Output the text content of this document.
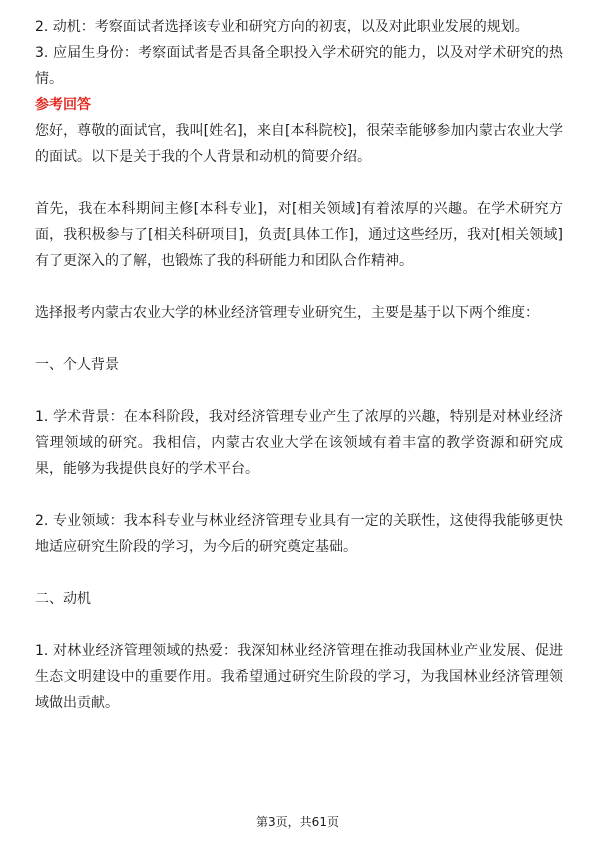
2. 动机：考察面试者选择该专业和研究方向的初衷，以及对此职业发展的规划。

3. 应届生身份：考察面试者是否具备全职投入学术研究的能力，以及对学术研究的热情。

参考回答

您好，尊敬的面试官，我叫[姓名]，来自[本科院校]，很荣幸能够参加内蒙古农业大学的面试。以下是关于我的个人背景和动机的简要介绍。

首先，我在本科期间主修[本科专业]，对[相关领域]有着浓厚的兴趣。在学术研究方面，我积极参与了[相关科研项目]，负责[具体工作]，通过这些经历，我对[相关领域]有了更深入的了解，也锻炼了我的科研能力和团队合作精神。

选择报考内蒙古农业大学的林业经济管理专业研究生，主要是基于以下两个维度：

一、个人背景

1. 学术背景：在本科阶段，我对经济管理专业产生了浓厚的兴趣，特别是对林业经济管理领域的研究。我相信，内蒙古农业大学在该领域有着丰富的教学资源和研究成果，能够为我提供良好的学术平台。

2. 专业领域：我本科专业与林业经济管理专业具有一定的关联性，这使得我能够更快地适应研究生阶段的学习，为今后的研究奠定基础。

二、动机

1. 对林业经济管理领域的热爱：我深知林业经济管理在推动我国林业产业发展、促进生态文明建设中的重要作用。我希望通过研究生阶段的学习，为我国林业经济管理领域做出贡献。

第3页，共61页
